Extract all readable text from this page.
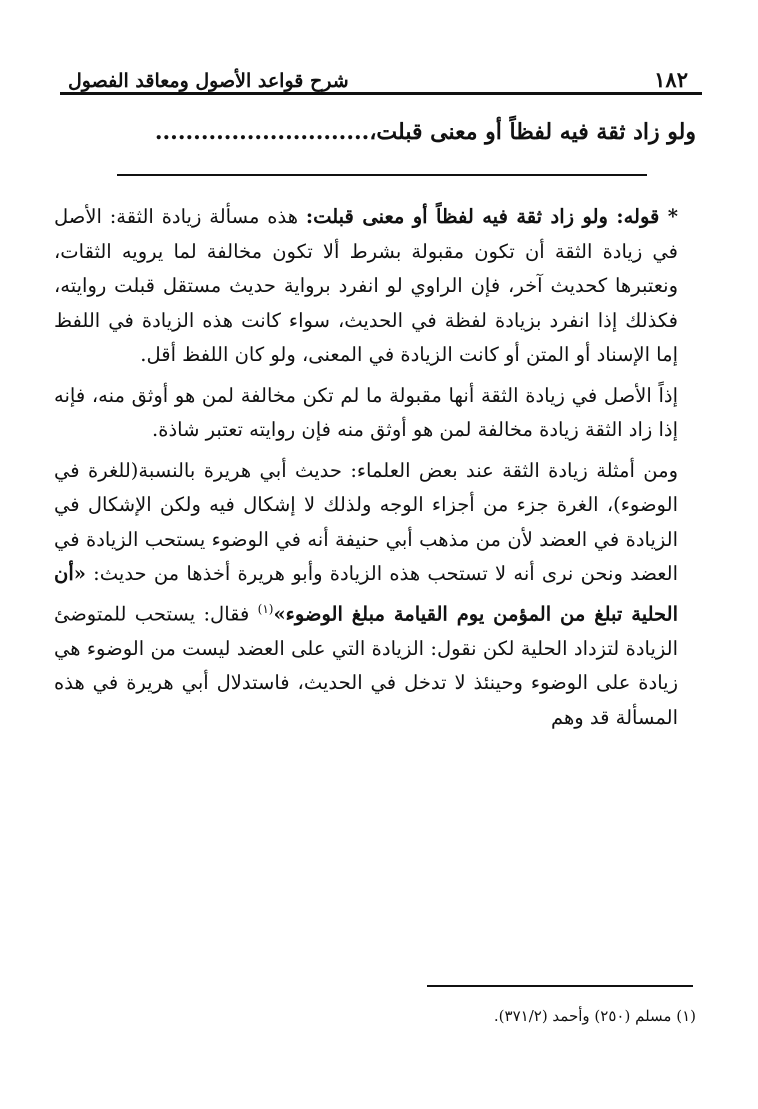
شرح قواعد الأصول ومعاقد الفصول	١٨٢
ولو زاد ثقة فيه لفظاً أو معنى قبلت،............................

* قوله: ولو زاد ثقة فيه لفظاً أو معنى قبلت: هذه مسألة زيادة الثقة: الأصل في زيادة الثقة أن تكون مقبولة بشرط ألا تكون مخالفة لما يرويه الثقات، ونعتبرها كحديث آخر، فإن الراوي لو انفرد برواية حديث مستقل قبلت روايته، فكذلك إذا انفرد بزيادة لفظة في الحديث، سواء كانت هذه الزيادة في اللفظ إما الإسناد أو المتن أو كانت الزيادة في المعنى، ولو كان اللفظ أقل.

إذاً الأصل في زيادة الثقة أنها مقبولة ما لم تكن مخالفة لمن هو أوثق منه، فإنه إذا زاد الثقة زيادة مخالفة لمن هو أوثق منه فإن روايته تعتبر شاذة.

ومن أمثلة زيادة الثقة عند بعض العلماء: حديث أبي هريرة بالنسبة(للغرة في الوضوء)، الغرة جزء من أجزاء الوجه ولذلك لا إشكال فيه ولكن الإشكال في الزيادة في العضد لأن من مذهب أبي حنيفة أنه في الوضوء يستحب الزيادة في العضد ونحن نرى أنه لا تستحب هذه الزيادة وأبو هريرة أخذها من حديث: «أن الحلية تبلغ من المؤمن يوم القيامة مبلغ الوضوء»$^{(١)}$ فقال: يستحب للمتوضئ الزيادة لتزداد الحلية لكن نقول: الزيادة التي على العضد ليست من الوضوء هي زيادة على الوضوء وحينئذ لا تدخل في الحديث، فاستدلال أبي هريرة في هذه المسألة قد وهم

(١) مسلم (٢٥٠) وأحمد (٣٧١/٢).
